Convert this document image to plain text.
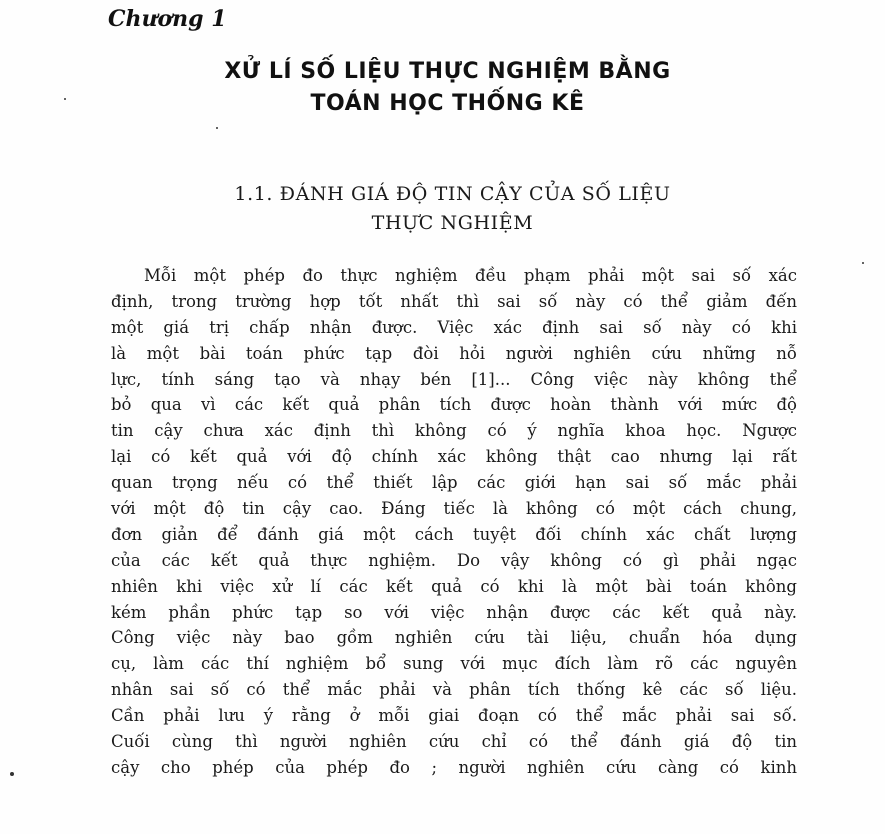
Chương 1
XỬ LÍ SỐ LIỆU THỰC NGHIỆM BẰNG
TOÁN HỌC THỐNG KÊ
1.1. ĐÁNH GIÁ ĐỘ TIN CẬY CỦA SỐ LIỆU
THỰC NGHIỆM
Mỗi một phép đo thực nghiệm đều phạm phải một sai số xác
định, trong trường hợp tốt nhất thì sai số này có thể giảm đến
một giá trị chấp nhận được. Việc xác định sai số này có khi
là một bài toán phức tạp đòi hỏi người nghiên cứu những nỗ
lực, tính sáng tạo và nhạy bén [1]... Công việc này không thể
bỏ qua vì các kết quả phân tích được hoàn thành với mức độ
tin cậy chưa xác định thì không có ý nghĩa khoa học. Ngược
lại có kết quả với độ chính xác không thật cao nhưng lại rất
quan trọng nếu có thể thiết lập các giới hạn sai số mắc phải
với một độ tin cậy cao. Đáng tiếc là không có một cách chung,
đơn giản để đánh giá một cách tuyệt đối chính xác chất lượng
của các kết quả thực nghiệm. Do vậy không có gì phải ngạc
nhiên khi việc xử lí các kết quả có khi là một bài toán không
kém phần phức tạp so với việc nhận được các kết quả này.
Công việc này bao gồm nghiên cứu tài liệu, chuẩn hóa dụng
cụ, làm các thí nghiệm bổ sung với mục đích làm rõ các nguyên
nhân sai số có thể mắc phải và phân tích thống kê các số liệu.
Cần phải lưu ý rằng ở mỗi giai đoạn có thể mắc phải sai số.
Cuối cùng thì người nghiên cứu chỉ có thể đánh giá độ tin
cậy cho phép của phép đo ; người nghiên cứu càng có kinh
